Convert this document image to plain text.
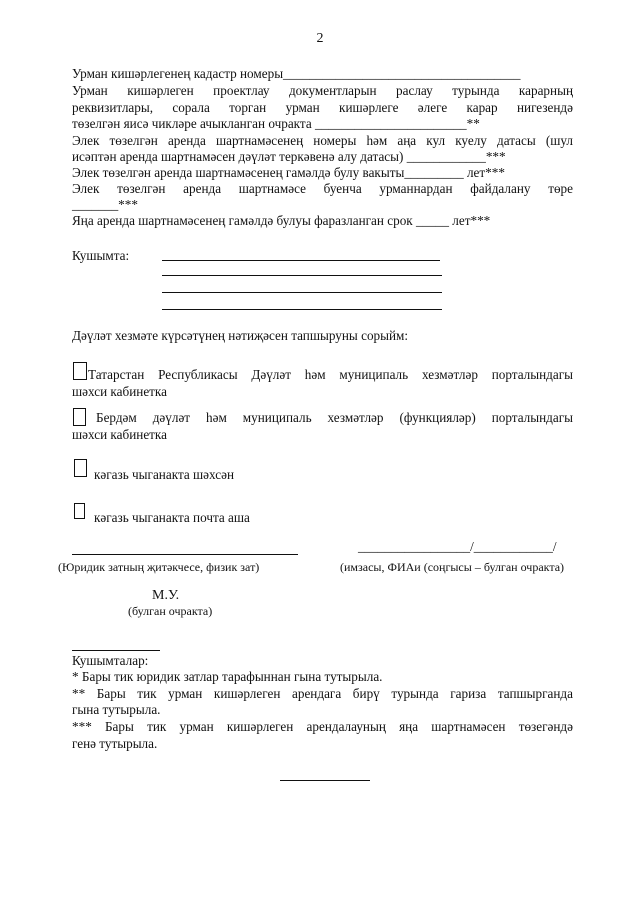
2
Урман кишәрлегенең кадастр номеры____________________________________
Урман кишәрлеген проектлау документларын раслау турында карарның
реквизитлары, сорала торган урман кишәрлеге әлеге карар нигезендә
төзелгән яисә чикләре ачыкланган очракта _______________________**
Элек төзелгән аренда шартнамәсенең номеры һәм аңа кул куелу датасы (шул
исәптән аренда шартнамәсен дәүләт теркәвенә алу датасы) ____________***
Элек төзелгән аренда шартнамәсенең гамәлдә булу вакыты_________ лет***
Элек төзелгән аренда шартнамәсе буенча урманнардан файдалану төре
_______***
Яңа аренда шартнамәсенең гамәлдә булуы фаразланган срок _____ лет***
Кушымта:
Дәүләт хезмәте күрсәтүнең нәтиҗәсен тапшыруны сорыйм:
Татарстан Республикасы Дәүләт һәм муниципаль хезмәтләр порталындагы
шәхси кабинетка
Бердәм дәүләт һәм муниципаль хезмәтләр (функцияләр) порталындагы
шәхси кабинетка
кәгазь чыганакта шәхсән
кәгазь чыганакта почта аша
(Юридик затның җитәкчесе, физик зат)
_________________/____________/
(имзасы, ФИАи (соңгысы – булган очракта)
М.У.
(булган очракта)
Кушымталар:
* Бары тик юридик затлар тарафыннан гына тутырыла.
** Бары тик урман кишәрлеген арендага бирү турында гариза тапшырганда
гына тутырыла.
*** Бары тик урман кишәрлеген арендалауның яңа шартнамәсен төзегәндә
генә тутырыла.
